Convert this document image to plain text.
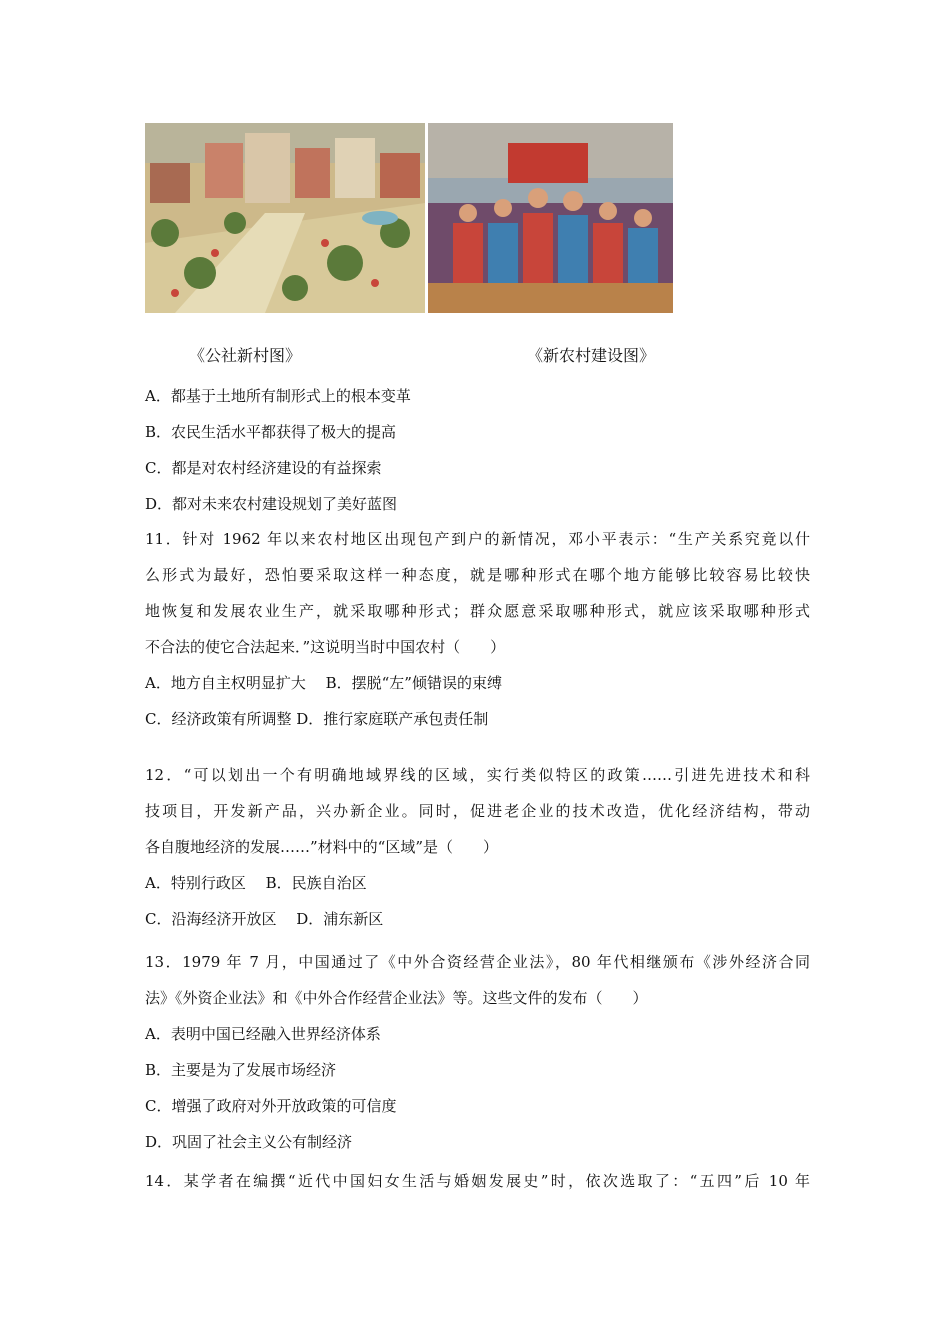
《公社新村图》	《新农村建设图》
A．都基于土地所有制形式上的根本变革
B．农民生活水平都获得了极大的提高
C．都是对农村经济建设的有益探索
D．都对未来农村建设规划了美好蓝图
11．针对 1962 年以来农村地区出现包产到户的新情况，邓小平表示：“生产关系究竟以什
么形式为最好，恐怕要采取这样一种态度，就是哪种形式在哪个地方能够比较容易比较快
地恢复和发展农业生产，就采取哪种形式；群众愿意采取哪种形式，就应该采取哪种形式
不合法的使它合法起来．”这说明当时中国农村（　　）
A．地方自主权明显扩大　 B．摆脱“左”倾错误的束缚
C．经济政策有所调整 D．推行家庭联产承包责任制
12．“可以划出一个有明确地域界线的区域，实行类似特区的政策……引进先进技术和科
技项目，开发新产品，兴办新企业。同时，促进老企业的技术改造，优化经济结构，带动
各自腹地经济的发展……”材料中的“区域”是（　　）
A．特别行政区　 B．民族自治区
C．沿海经济开放区　 D．浦东新区
13．1979 年 7 月，中国通过了《中外合资经营企业法》，80 年代相继颁布《涉外经济合同
法》《外资企业法》和《中外合作经营企业法》等。这些文件的发布（　　）
A．表明中国已经融入世界经济体系
B．主要是为了发展市场经济
C．增强了政府对外开放政策的可信度
D．巩固了社会主义公有制经济
14．某学者在编撰“近代中国妇女生活与婚姻发展史”时，依次选取了：“五四”后 10 年
